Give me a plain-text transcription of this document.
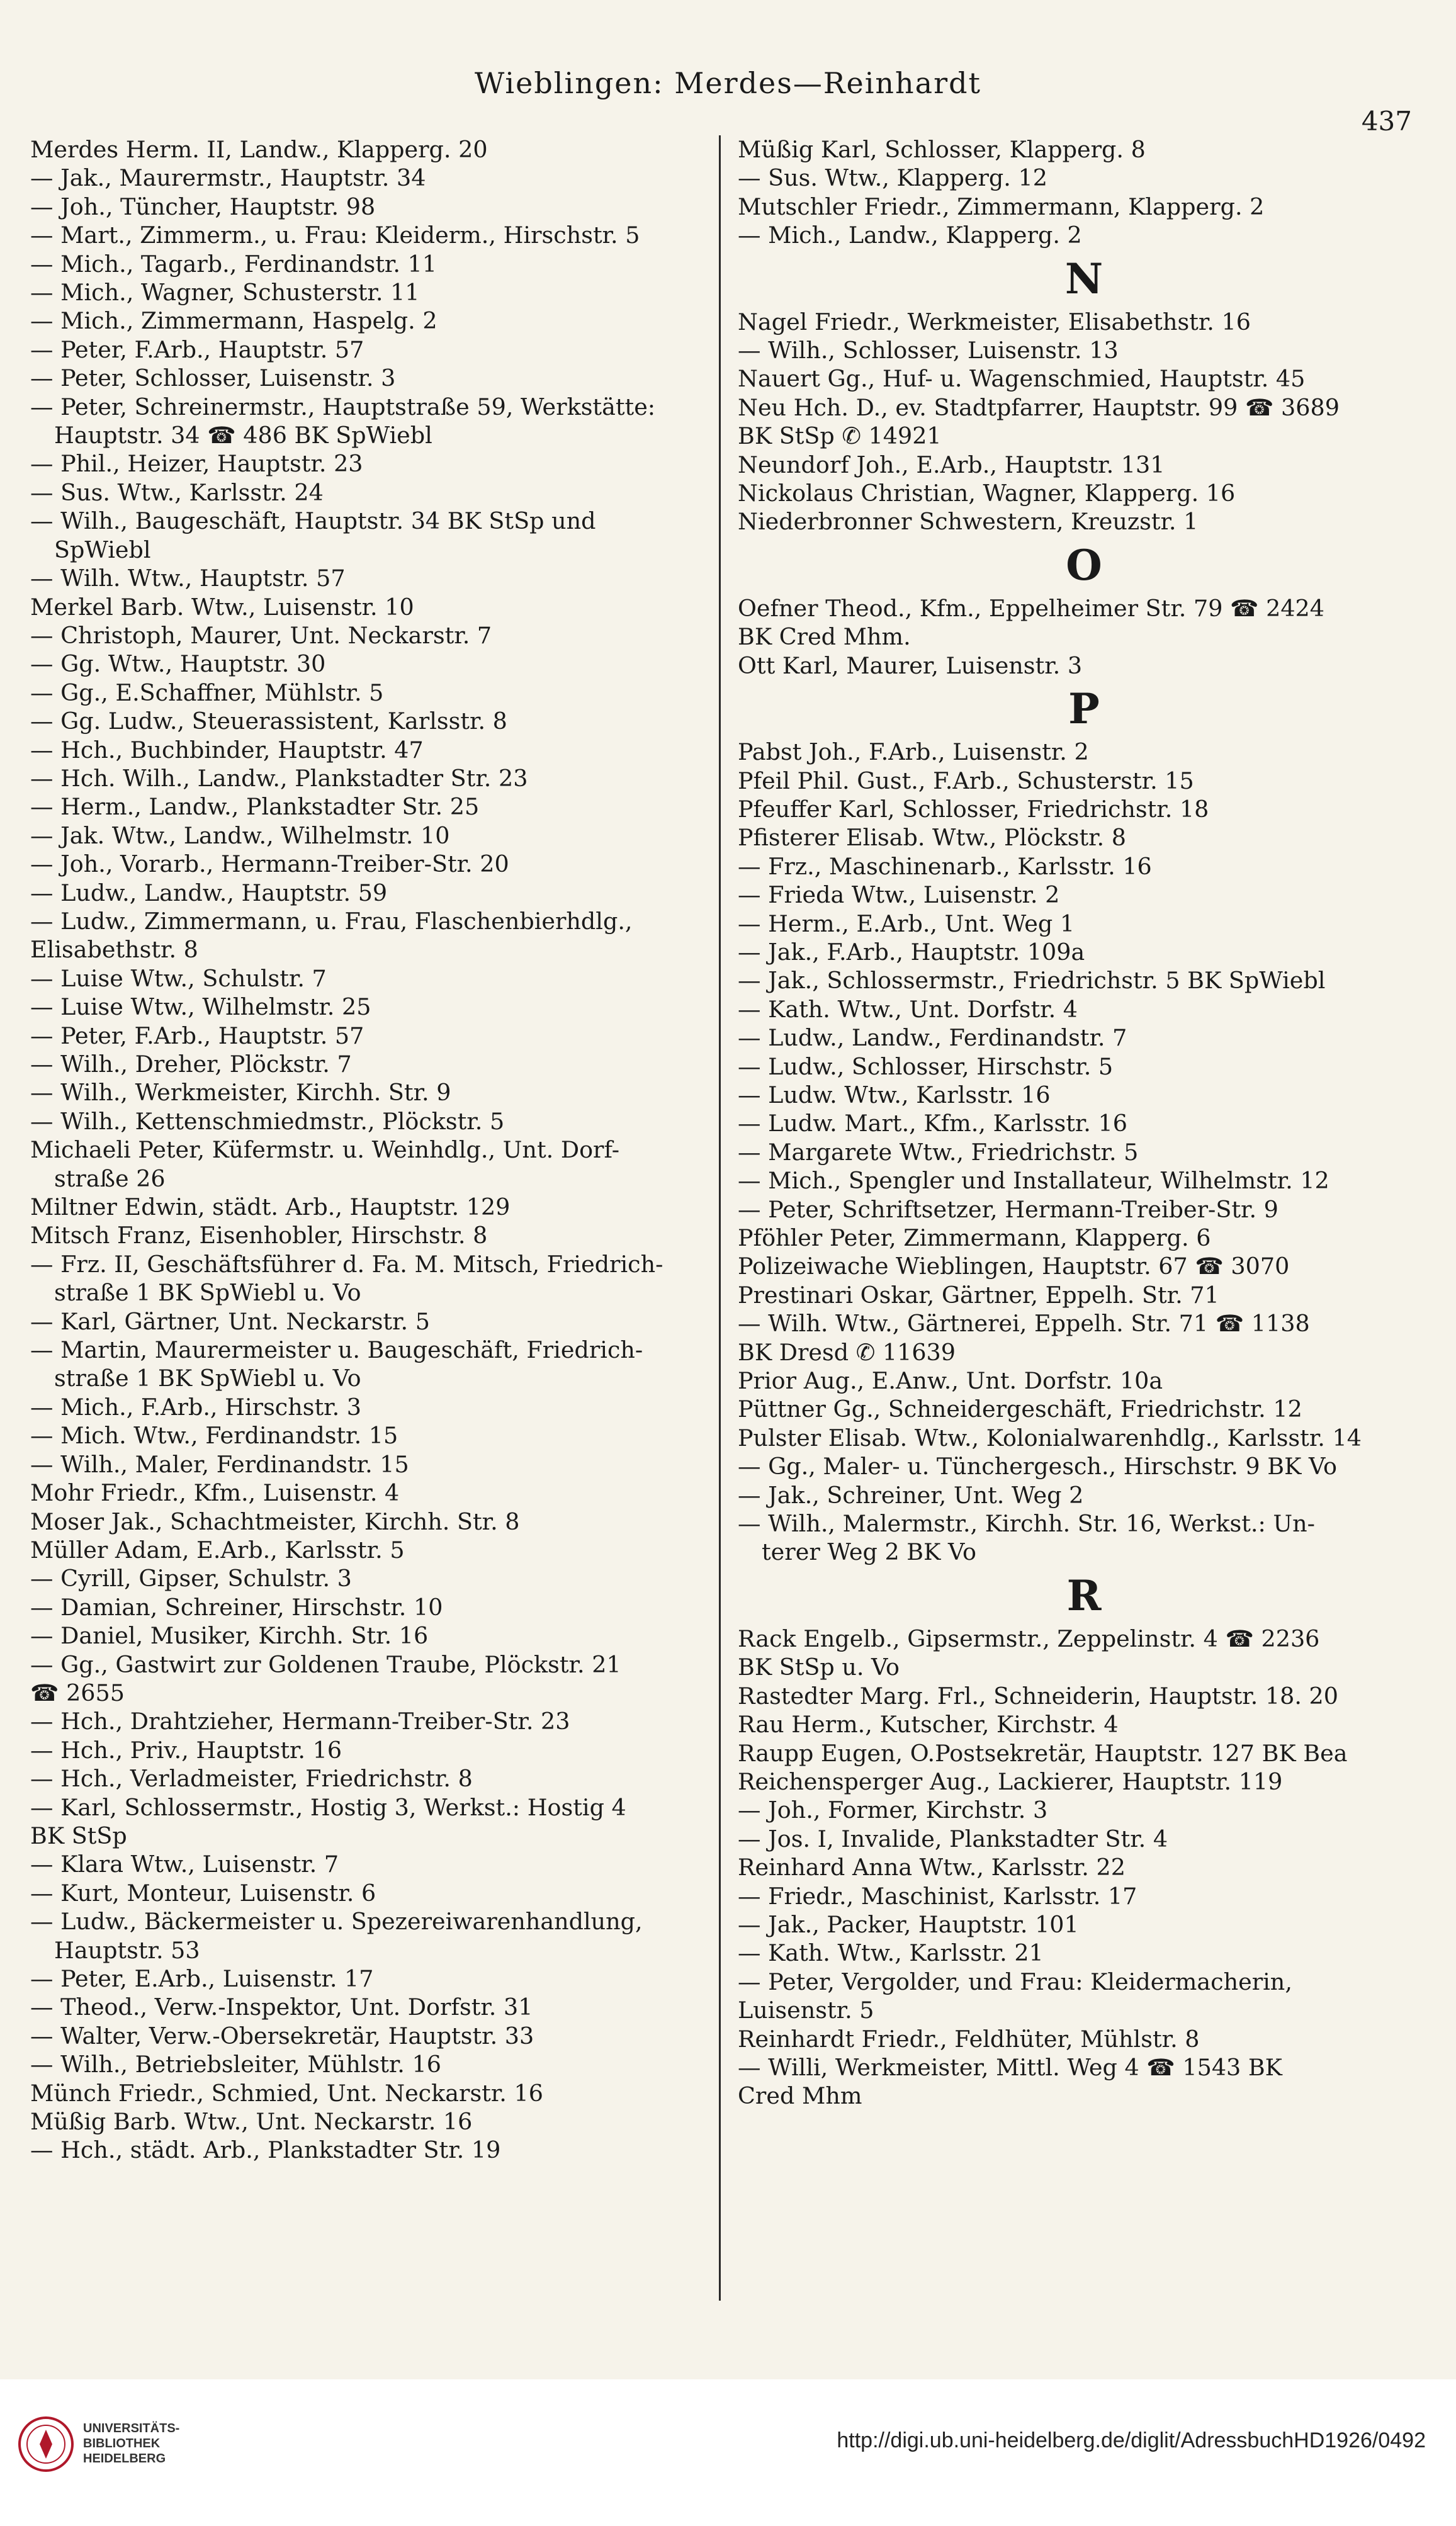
Wieblingen: Merdes—Reinhardt
437
Merdes Herm. II, Landw., Klapperg. 20
— Jak., Maurermstr., Hauptstr. 34
— Joh., Tüncher, Hauptstr. 98
— Mart., Zimmerm., u. Frau: Kleiderm., Hirschstr. 5
— Mich., Tagarb., Ferdinandstr. 11
— Mich., Wagner, Schusterstr. 11
— Mich., Zimmermann, Haspelg. 2
— Peter, F.Arb., Hauptstr. 57
— Peter, Schlosser, Luisenstr. 3
— Peter, Schreinermstr., Hauptstraße 59, Werkstätte:
Hauptstr. 34 ☎ 486 BK SpWiebl
— Phil., Heizer, Hauptstr. 23
— Sus. Wtw., Karlsstr. 24
— Wilh., Baugeschäft, Hauptstr. 34 BK StSp und
SpWiebl
— Wilh. Wtw., Hauptstr. 57
Merkel Barb. Wtw., Luisenstr. 10
— Christoph, Maurer, Unt. Neckarstr. 7
— Gg. Wtw., Hauptstr. 30
— Gg., E.Schaffner, Mühlstr. 5
— Gg. Ludw., Steuerassistent, Karlsstr. 8
— Hch., Buchbinder, Hauptstr. 47
— Hch. Wilh., Landw., Plankstadter Str. 23
— Herm., Landw., Plankstadter Str. 25
— Jak. Wtw., Landw., Wilhelmstr. 10
— Joh., Vorarb., Hermann-Treiber-Str. 20
— Ludw., Landw., Hauptstr. 59
— Ludw., Zimmermann, u. Frau, Flaschenbierhdlg.,
Elisabethstr. 8
— Luise Wtw., Schulstr. 7
— Luise Wtw., Wilhelmstr. 25
— Peter, F.Arb., Hauptstr. 57
— Wilh., Dreher, Plöckstr. 7
— Wilh., Werkmeister, Kirchh. Str. 9
— Wilh., Kettenschmiedmstr., Plöckstr. 5
Michaeli Peter, Küfermstr. u. Weinhdlg., Unt. Dorf-
straße 26
Miltner Edwin, städt. Arb., Hauptstr. 129
Mitsch Franz, Eisenhobler, Hirschstr. 8
— Frz. II, Geschäftsführer d. Fa. M. Mitsch, Friedrich-
straße 1 BK SpWiebl u. Vo
— Karl, Gärtner, Unt. Neckarstr. 5
— Martin, Maurermeister u. Baugeschäft, Friedrich-
straße 1 BK SpWiebl u. Vo
— Mich., F.Arb., Hirschstr. 3
— Mich. Wtw., Ferdinandstr. 15
— Wilh., Maler, Ferdinandstr. 15
Mohr Friedr., Kfm., Luisenstr. 4
Moser Jak., Schachtmeister, Kirchh. Str. 8
Müller Adam, E.Arb., Karlsstr. 5
— Cyrill, Gipser, Schulstr. 3
— Damian, Schreiner, Hirschstr. 10
— Daniel, Musiker, Kirchh. Str. 16
— Gg., Gastwirt zur Goldenen Traube, Plöckstr. 21
☎ 2655
— Hch., Drahtzieher, Hermann-Treiber-Str. 23
— Hch., Priv., Hauptstr. 16
— Hch., Verladmeister, Friedrichstr. 8
— Karl, Schlossermstr., Hostig 3, Werkst.: Hostig 4
BK StSp
— Klara Wtw., Luisenstr. 7
— Kurt, Monteur, Luisenstr. 6
— Ludw., Bäckermeister u. Spezereiwarenhandlung,
Hauptstr. 53
— Peter, E.Arb., Luisenstr. 17
— Theod., Verw.-Inspektor, Unt. Dorfstr. 31
— Walter, Verw.-Obersekretär, Hauptstr. 33
— Wilh., Betriebsleiter, Mühlstr. 16
Münch Friedr., Schmied, Unt. Neckarstr. 16
Müßig Barb. Wtw., Unt. Neckarstr. 16
— Hch., städt. Arb., Plankstadter Str. 19
Müßig Karl, Schlosser, Klapperg. 8
— Sus. Wtw., Klapperg. 12
Mutschler Friedr., Zimmermann, Klapperg. 2
— Mich., Landw., Klapperg. 2
N
Nagel Friedr., Werkmeister, Elisabethstr. 16
— Wilh., Schlosser, Luisenstr. 13
Nauert Gg., Huf- u. Wagenschmied, Hauptstr. 45
Neu Hch. D., ev. Stadtpfarrer, Hauptstr. 99 ☎ 3689
BK StSp ✆ 14921
Neundorf Joh., E.Arb., Hauptstr. 131
Nickolaus Christian, Wagner, Klapperg. 16
Niederbronner Schwestern, Kreuzstr. 1
O
Oefner Theod., Kfm., Eppelheimer Str. 79 ☎ 2424
BK Cred Mhm.
Ott Karl, Maurer, Luisenstr. 3
P
Pabst Joh., F.Arb., Luisenstr. 2
Pfeil Phil. Gust., F.Arb., Schusterstr. 15
Pfeuffer Karl, Schlosser, Friedrichstr. 18
Pfisterer Elisab. Wtw., Plöckstr. 8
— Frz., Maschinenarb., Karlsstr. 16
— Frieda Wtw., Luisenstr. 2
— Herm., E.Arb., Unt. Weg 1
— Jak., F.Arb., Hauptstr. 109a
— Jak., Schlossermstr., Friedrichstr. 5 BK SpWiebl
— Kath. Wtw., Unt. Dorfstr. 4
— Ludw., Landw., Ferdinandstr. 7
— Ludw., Schlosser, Hirschstr. 5
— Ludw. Wtw., Karlsstr. 16
— Ludw. Mart., Kfm., Karlsstr. 16
— Margarete Wtw., Friedrichstr. 5
— Mich., Spengler und Installateur, Wilhelmstr. 12
— Peter, Schriftsetzer, Hermann-Treiber-Str. 9
Pföhler Peter, Zimmermann, Klapperg. 6
Polizeiwache Wieblingen, Hauptstr. 67 ☎ 3070
Prestinari Oskar, Gärtner, Eppelh. Str. 71
— Wilh. Wtw., Gärtnerei, Eppelh. Str. 71 ☎ 1138
BK Dresd ✆ 11639
Prior Aug., E.Anw., Unt. Dorfstr. 10a
Püttner Gg., Schneidergeschäft, Friedrichstr. 12
Pulster Elisab. Wtw., Kolonialwarenhdlg., Karlsstr. 14
— Gg., Maler- u. Tünchergesch., Hirschstr. 9 BK Vo
— Jak., Schreiner, Unt. Weg 2
— Wilh., Malermstr., Kirchh. Str. 16, Werkst.: Un-
terer Weg 2 BK Vo
R
Rack Engelb., Gipsermstr., Zeppelinstr. 4 ☎ 2236
BK StSp u. Vo
Rastedter Marg. Frl., Schneiderin, Hauptstr. 18. 20
Rau Herm., Kutscher, Kirchstr. 4
Raupp Eugen, O.Postsekretär, Hauptstr. 127 BK Bea
Reichensperger Aug., Lackierer, Hauptstr. 119
— Joh., Former, Kirchstr. 3
— Jos. I, Invalide, Plankstadter Str. 4
Reinhard Anna Wtw., Karlsstr. 22
— Friedr., Maschinist, Karlsstr. 17
— Jak., Packer, Hauptstr. 101
— Kath. Wtw., Karlsstr. 21
— Peter, Vergolder, und Frau: Kleidermacherin,
Luisenstr. 5
Reinhardt Friedr., Feldhüter, Mühlstr. 8
— Willi, Werkmeister, Mittl. Weg 4 ☎ 1543 BK
Cred Mhm
UNIVERSITÄTS-
BIBLIOTHEK
HEIDELBERG
http://digi.ub.uni-heidelberg.de/diglit/AdressbuchHD1926/0492
